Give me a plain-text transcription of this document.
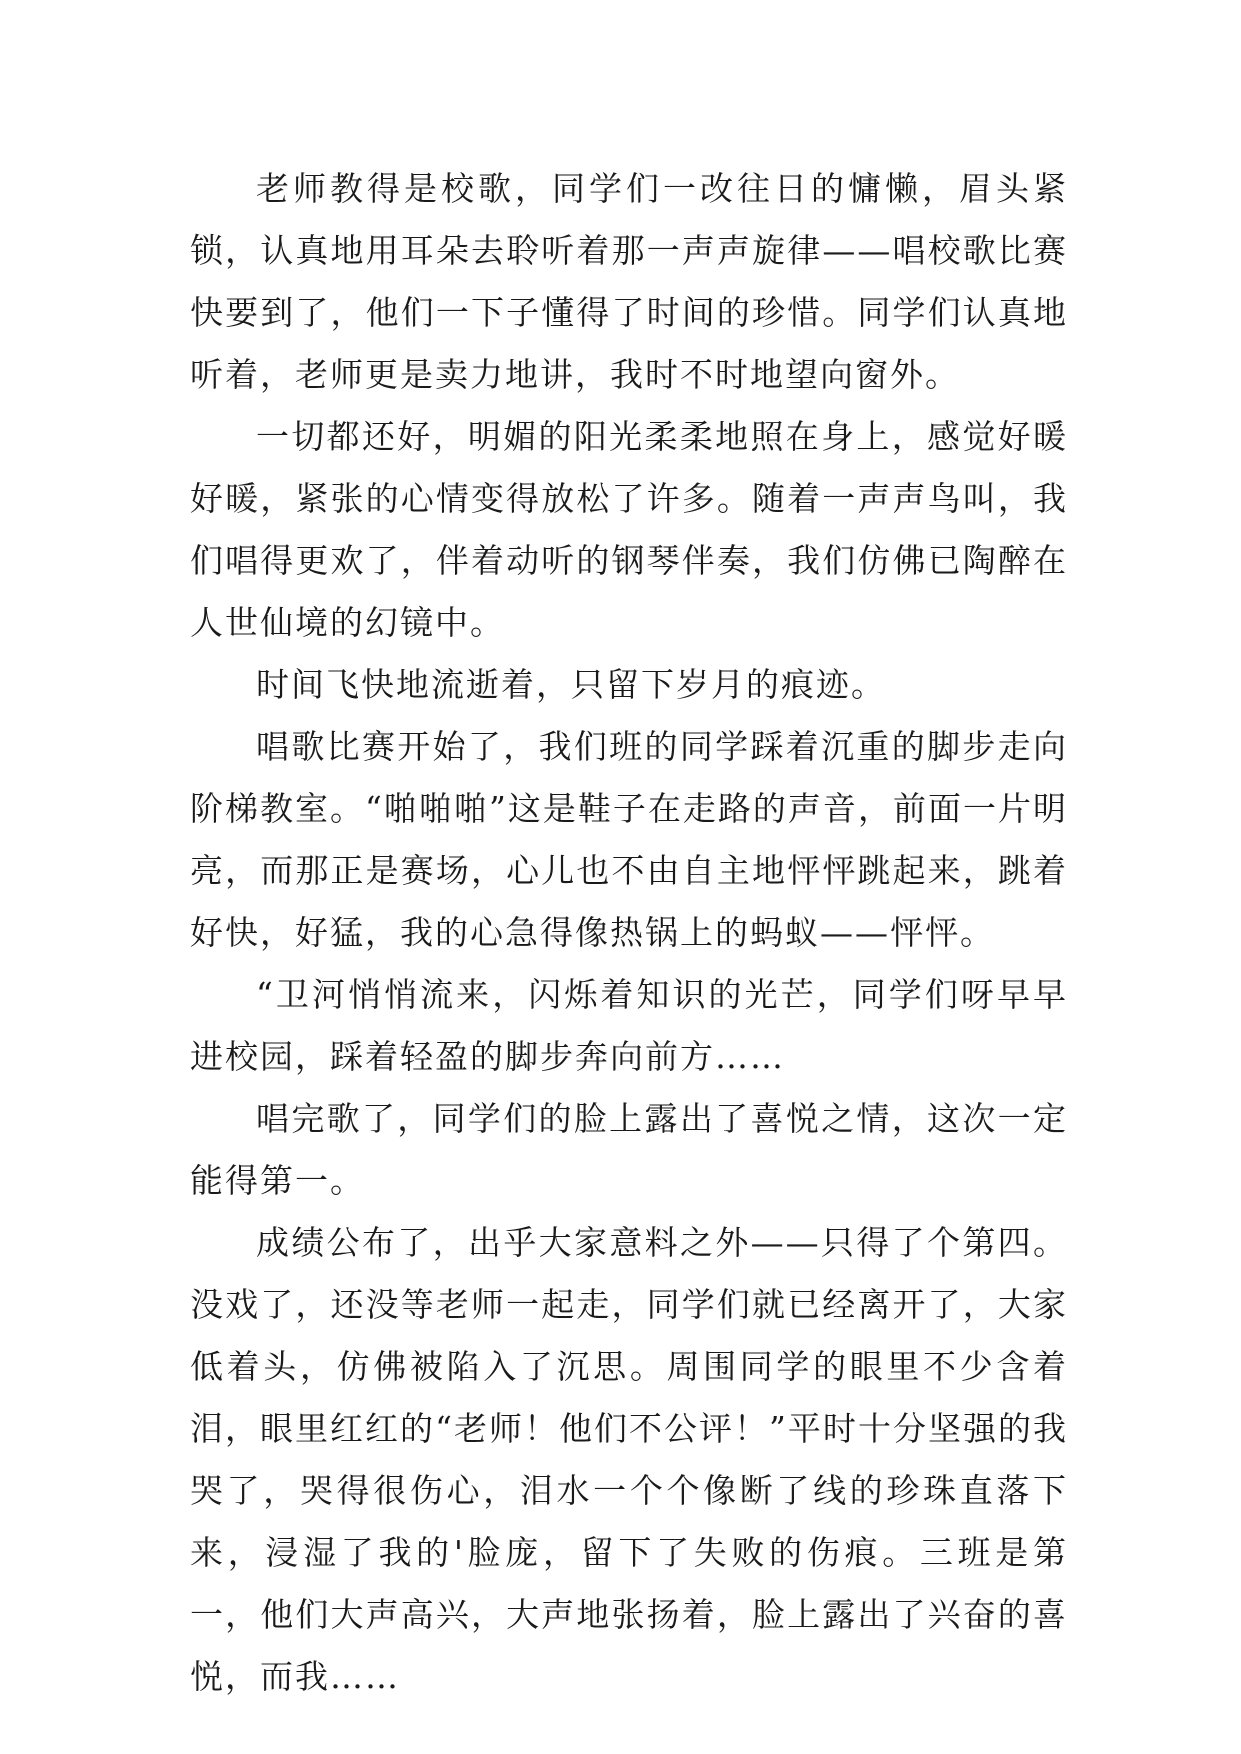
老师教得是校歌，同学们一改往日的慵懒，眉头紧锁，认真地用耳朵去聆听着那一声声旋律——唱校歌比赛快要到了，他们一下子懂得了时间的珍惜。同学们认真地听着，老师更是卖力地讲，我时不时地望向窗外。

一切都还好，明媚的阳光柔柔地照在身上，感觉好暖好暖，紧张的心情变得放松了许多。随着一声声鸟叫，我们唱得更欢了，伴着动听的钢琴伴奏，我们仿佛已陶醉在人世仙境的幻镜中。

时间飞快地流逝着，只留下岁月的痕迹。

唱歌比赛开始了，我们班的同学踩着沉重的脚步走向阶梯教室。“啪啪啪”这是鞋子在走路的声音，前面一片明亮，而那正是赛场，心儿也不由自主地怦怦跳起来，跳着好快，好猛，我的心急得像热锅上的蚂蚁——怦怦。

“卫河悄悄流来，闪烁着知识的光芒，同学们呀早早进校园，踩着轻盈的脚步奔向前方……

唱完歌了，同学们的脸上露出了喜悦之情，这次一定能得第一。

成绩公布了，出乎大家意料之外——只得了个第四。没戏了，还没等老师一起走，同学们就已经离开了，大家低着头，仿佛被陷入了沉思。周围同学的眼里不少含着泪，眼里红红的“老师！他们不公评！”平时十分坚强的我哭了，哭得很伤心，泪水一个个像断了线的珍珠直落下来，浸湿了我的'脸庞，留下了失败的伤痕。三班是第一，他们大声高兴，大声地张扬着，脸上露出了兴奋的喜悦，而我……
